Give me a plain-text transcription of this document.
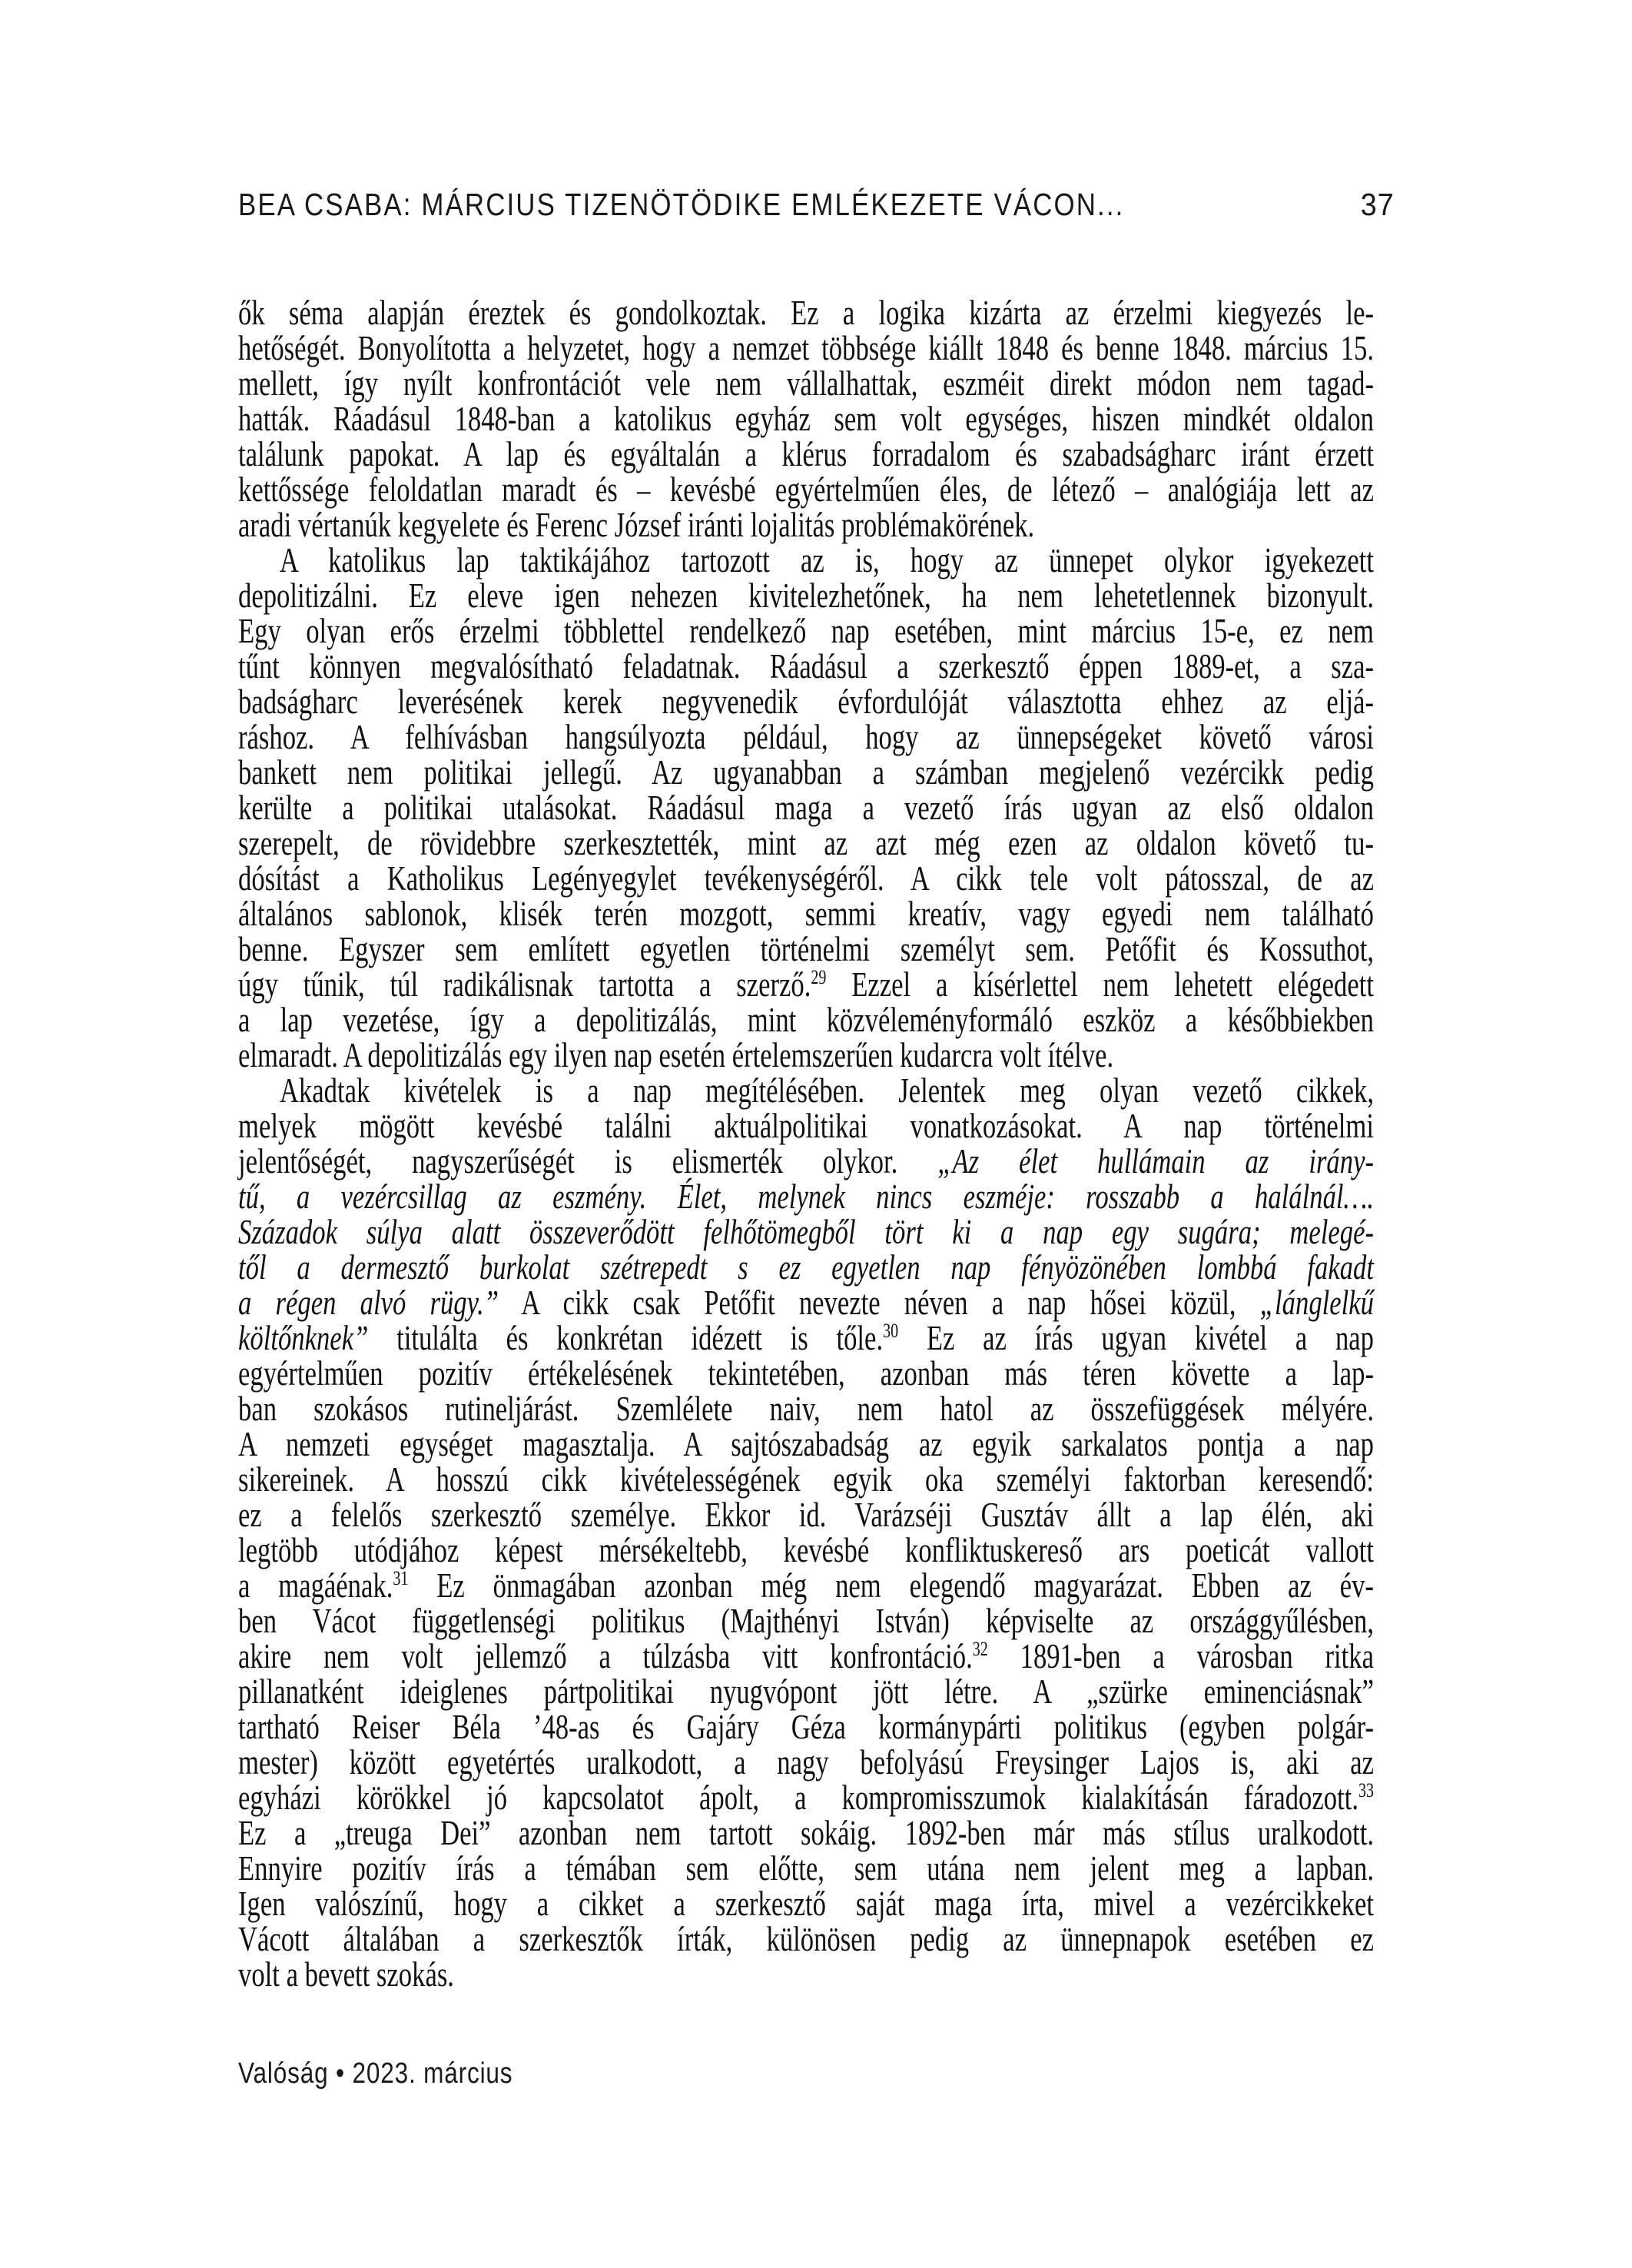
BEA CSABA: MÁRCIUS TIZENÖTÖDIKE EMLÉKEZETE VÁCON...	37
ők séma alapján éreztek és gondolkoztak. Ez a logika kizárta az érzelmi kiegyezés le-
hetőségét. Bonyolította a helyzetet, hogy a nemzet többsége kiállt 1848 és benne 1848. március 15.
mellett, így nyílt konfrontációt vele nem vállalhattak, eszméit direkt módon nem tagad-
hatták. Ráadásul 1848-ban a katolikus egyház sem volt egységes, hiszen mindkét oldalon
találunk papokat. A lap és egyáltalán a klérus forradalom és szabadságharc iránt érzett
kettőssége feloldatlan maradt és – kevésbé egyértelműen éles, de létező – analógiája lett az
aradi vértanúk kegyelete és Ferenc József iránti lojalitás problémakörének.
A katolikus lap taktikájához tartozott az is, hogy az ünnepet olykor igyekezett
depolitizálni. Ez eleve igen nehezen kivitelezhetőnek, ha nem lehetetlennek bizonyult.
Egy olyan erős érzelmi többlettel rendelkező nap esetében, mint március 15-e, ez nem
tűnt könnyen megvalósítható feladatnak. Ráadásul a szerkesztő éppen 1889-et, a sza-
badságharc leverésének kerek negyvenedik évfordulóját választotta ehhez az eljá-
ráshoz. A felhívásban hangsúlyozta például, hogy az ünnepségeket követő városi
bankett nem politikai jellegű. Az ugyanabban a számban megjelenő vezércikk pedig
kerülte a politikai utalásokat. Ráadásul maga a vezető írás ugyan az első oldalon
szerepelt, de rövidebbre szerkesztették, mint az azt még ezen az oldalon követő tu-
dósítást a Katholikus Legényegylet tevékenységéről. A cikk tele volt pátosszal, de az
általános sablonok, klisék terén mozgott, semmi kreatív, vagy egyedi nem található
benne. Egyszer sem említett egyetlen történelmi személyt sem. Petőfit és Kossuthot,
úgy tűnik, túl radikálisnak tartotta a szerző.$^{29}$ Ezzel a kísérlettel nem lehetett elégedett
a lap vezetése, így a depolitizálás, mint közvéleményformáló eszköz a későbbiekben
elmaradt. A depolitizálás egy ilyen nap esetén értelemszerűen kudarcra volt ítélve.
Akadtak kivételek is a nap megítélésében. Jelentek meg olyan vezető cikkek,
melyek mögött kevésbé találni aktuálpolitikai vonatkozásokat. A nap történelmi
jelentőségét, nagyszerűségét is elismerték olykor. „Az élet hullámain az irány-
tű, a vezércsillag az eszmény. Élet, melynek nincs eszméje: rosszabb a halálnál….
Századok súlya alatt összeverődött felhőtömegből tört ki a nap egy sugára; melegé-
től a dermesztő burkolat szétrepedt s ez egyetlen nap fényözönében lombbá fakadt
a régen alvó rügy.” A cikk csak Petőfit nevezte néven a nap hősei közül, „lánglelkű
költőnknek” titulálta és konkrétan idézett is tőle.$^{30}$ Ez az írás ugyan kivétel a nap
egyértelműen pozitív értékelésének tekintetében, azonban más téren követte a lap-
ban szokásos rutineljárást. Szemlélete naiv, nem hatol az összefüggések mélyére.
A nemzeti egységet magasztalja. A sajtószabadság az egyik sarkalatos pontja a nap
sikereinek. A hosszú cikk kivételességének egyik oka személyi faktorban keresendő:
ez a felelős szerkesztő személye. Ekkor id. Varázséji Gusztáv állt a lap élén, aki
legtöbb utódjához képest mérsékeltebb, kevésbé konfliktuskereső ars poeticát vallott
a magáénak.$^{31}$ Ez önmagában azonban még nem elegendő magyarázat. Ebben az év-
ben Vácot függetlenségi politikus (Majthényi István) képviselte az országgyűlésben,
akire nem volt jellemző a túlzásba vitt konfrontáció.$^{32}$ 1891-ben a városban ritka
pillanatként ideiglenes pártpolitikai nyugvópont jött létre. A „szürke eminenciásnak”
tartható Reiser Béla ’48-as és Gajáry Géza kormánypárti politikus (egyben polgár-
mester) között egyetértés uralkodott, a nagy befolyású Freysinger Lajos is, aki az
egyházi körökkel jó kapcsolatot ápolt, a kompromisszumok kialakításán fáradozott.$^{33}$
Ez a „treuga Dei” azonban nem tartott sokáig. 1892-ben már más stílus uralkodott.
Ennyire pozitív írás a témában sem előtte, sem utána nem jelent meg a lapban.
Igen valószínű, hogy a cikket a szerkesztő saját maga írta, mivel a vezércikkeket
Vácott általában a szerkesztők írták, különösen pedig az ünnepnapok esetében ez
volt a bevett szokás.
Valóság • 2023. március
